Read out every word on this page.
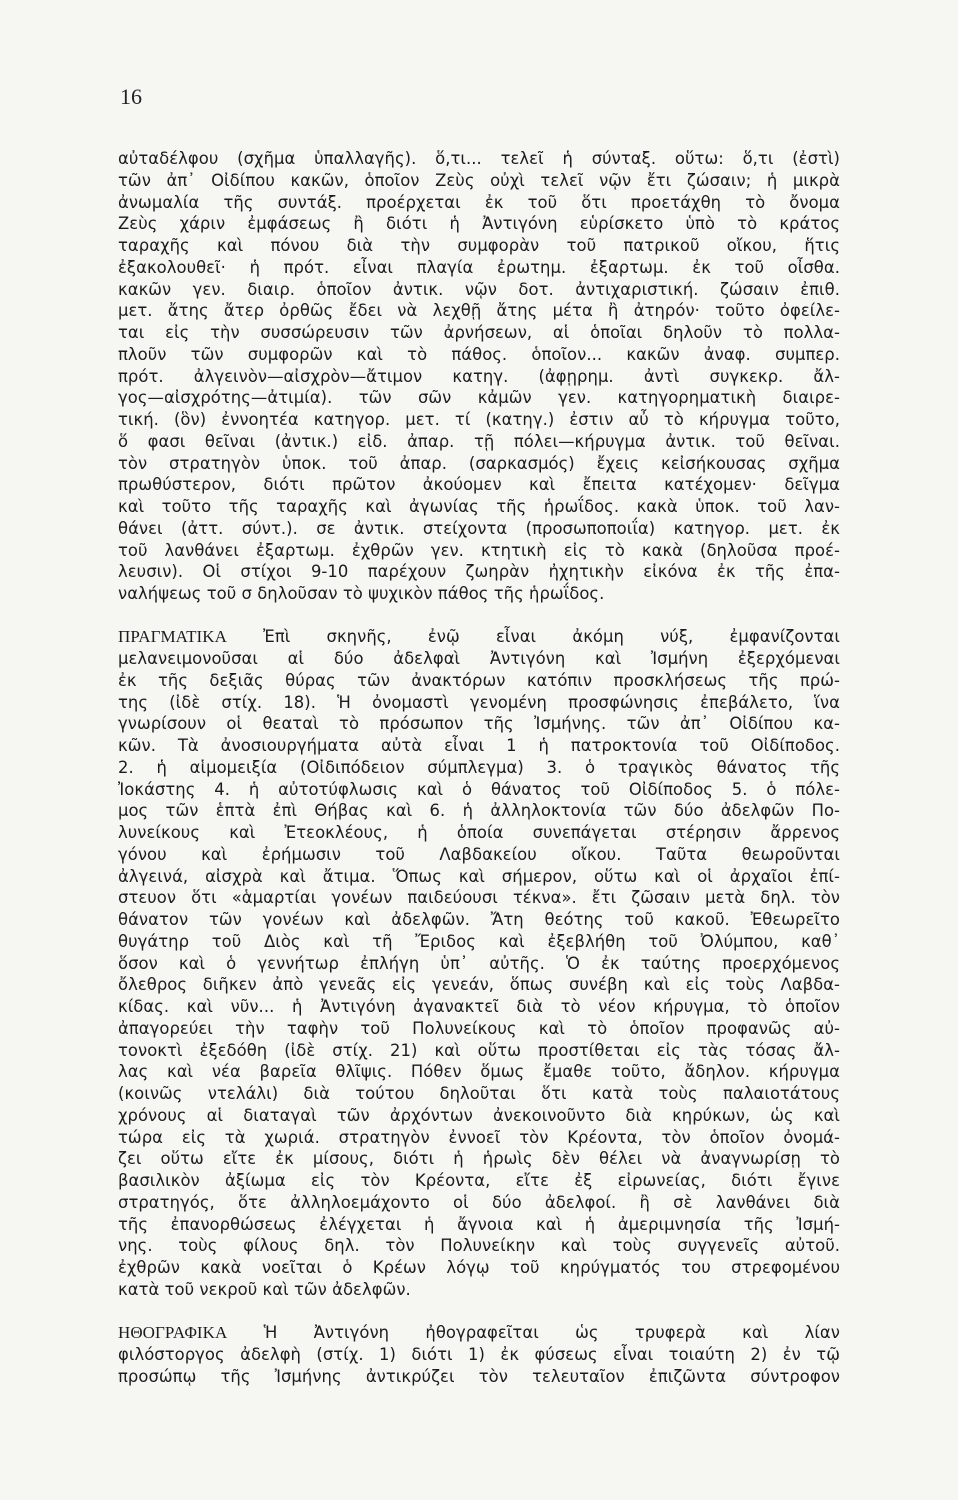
16
αὐταδέλφου (σχῆμα ὑπαλλαγῆς). ὅ,τι... τελεῖ ἡ σύνταξ. οὕτω: ὅ,τι (ἐστὶ)
τῶν ἀπ᾽ Οἰδίπου κακῶν, ὁποῖον Ζεὺς οὐχὶ τελεῖ νῷν ἔτι ζώσαιν; ἡ μικρὰ
ἀνωμαλία τῆς συντάξ. προέρχεται ἐκ τοῦ ὅτι προετάχθη τὸ ὄνομα
Ζεὺς χάριν ἐμφάσεως ἢ διότι ἡ Ἀντιγόνη εὑρίσκετο ὑπὸ τὸ κράτος
ταραχῆς καὶ πόνου διὰ τὴν συμφορὰν τοῦ πατρικοῦ οἴκου, ἥτις
ἐξακολουθεῖ· ἡ πρότ. εἶναι πλαγία ἐρωτημ. ἐξαρτωμ. ἐκ τοῦ οἶσθα.
κακῶν γεν. διαιρ. ὁποῖον ἀντικ. νῷν δοτ. ἀντιχαριστική. ζώσαιν ἐπιθ.
μετ. ἄτης ἄτερ ὀρθῶς ἔδει νὰ λεχθῇ ἄτης μέτα ἢ ἀτηρόν· τοῦτο ὀφείλε-
ται εἰς τὴν συσσώρευσιν τῶν ἀρνήσεων, αἱ ὁποῖαι δηλοῦν τὸ πολλα-
πλοῦν τῶν συμφορῶν καὶ τὸ πάθος. ὁποῖον... κακῶν ἀναφ. συμπερ.
πρότ. ἀλγεινὸν—αἰσχρὸν—ἄτιμον κατηγ. (ἀφῃρημ. ἀντὶ συγκεκρ. ἄλ-
γος—αἰσχρότης—ἀτιμία). τῶν σῶν κἀμῶν γεν. κατηγορηματικὴ διαιρε-
τική. (ὃν) ἐννοητέα κατηγορ. μετ. τί (κατηγ.) ἐστιν αὖ τὸ κήρυγμα τοῦτο,
ὅ φασι θεῖναι (ἀντικ.) εἰδ. ἀπαρ. τῇ πόλει—κήρυγμα ἀντικ. τοῦ θεῖναι.
τὸν στρατηγὸν ὑποκ. τοῦ ἀπαρ. (σαρκασμός) ἔχεις κεἰσήκουσας σχῆμα
πρωθύστερον, διότι πρῶτον ἀκούομεν καὶ ἔπειτα κατέχομεν· δεῖγμα
καὶ τοῦτο τῆς ταραχῆς καὶ ἀγωνίας τῆς ἡρωΐδος. κακὰ ὑποκ. τοῦ λαν-
θάνει (ἀττ. σύντ.). σε ἀντικ. στείχοντα (προσωποποιΐα) κατηγορ. μετ. ἐκ
τοῦ λανθάνει ἐξαρτωμ. ἐχθρῶν γεν. κτητικὴ εἰς τὸ κακὰ (δηλοῦσα προέ-
λευσιν). Οἱ στίχοι 9-10 παρέχουν ζωηρὰν ἠχητικὴν εἰκόνα ἐκ τῆς ἐπα-
ναλήψεως τοῦ σ δηλοῦσαν τὸ ψυχικὸν πάθος τῆς ἡρωΐδος.
ΠΡΑΓΜΑΤΙΚΑ Ἐπὶ σκηνῆς, ἐνῷ εἶναι ἀκόμη νύξ, ἐμφανίζονται
μελανειμονοῦσαι αἱ δύο ἀδελφαὶ Ἀντιγόνη καὶ Ἰσμήνη ἐξερχόμεναι
ἐκ τῆς δεξιᾶς θύρας τῶν ἀνακτόρων κατόπιν προσκλήσεως τῆς πρώ-
της (ἰδὲ στίχ. 18). Ἡ ὀνομαστὶ γενομένη προσφώνησις ἐπεβάλετο, ἵνα
γνωρίσουν οἱ θεαταὶ τὸ πρόσωπον τῆς Ἰσμήνης. τῶν ἀπ᾽ Οἰδίπου κα-
κῶν. Τὰ ἀνοσιουργήματα αὐτὰ εἶναι 1 ἡ πατροκτονία τοῦ Οἰδίποδος.
2. ἡ αἱμομειξία (Οἰδιπόδειον σύμπλεγμα) 3. ὁ τραγικὸς θάνατος τῆς
Ἰοκάστης 4. ἡ αὐτοτύφλωσις καὶ ὁ θάνατος τοῦ Οἰδίποδος 5. ὁ πόλε-
μος τῶν ἑπτὰ ἐπὶ Θήβας καὶ 6. ἡ ἀλληλοκτονία τῶν δύο ἀδελφῶν Πο-
λυνείκους καὶ Ἐτεοκλέους, ἡ ὁποία συνεπάγεται στέρησιν ἄρρενος
γόνου καὶ ἐρήμωσιν τοῦ Λαβδακείου οἴκου. Ταῦτα θεωροῦνται
ἀλγεινά, αἰσχρὰ καὶ ἄτιμα. Ὅπως καὶ σήμερον, οὕτω καὶ οἱ ἀρχαῖοι ἐπί-
στευον ὅτι «ἁμαρτίαι γονέων παιδεύουσι τέκνα». ἔτι ζῶσαιν μετὰ δηλ. τὸν
θάνατον τῶν γονέων καὶ ἀδελφῶν. Ἄτη θεότης τοῦ κακοῦ. Ἐθεωρεῖτο
θυγάτηρ τοῦ Διὸς καὶ τῆ Ἔριδος καὶ ἐξεβλήθη τοῦ Ὀλύμπου, καθ᾽
ὅσον καὶ ὁ γεννήτωρ ἐπλήγη ὑπ᾽ αὐτῆς. Ὁ ἐκ ταύτης προερχόμενος
ὄλεθρος διῆκεν ἀπὸ γενεᾶς εἰς γενεάν, ὅπως συνέβη καὶ εἰς τοὺς Λαβδα-
κίδας. καὶ νῦν... ἡ Ἀντιγόνη ἀγανακτεῖ διὰ τὸ νέον κήρυγμα, τὸ ὁποῖον
ἀπαγορεύει τὴν ταφὴν τοῦ Πολυνείκους καὶ τὸ ὁποῖον προφανῶς αὐ-
τονοκτὶ ἐξεδόθη (ἰδὲ στίχ. 21) καὶ οὕτω προστίθεται εἰς τὰς τόσας ἄλ-
λας καὶ νέα βαρεῖα θλῖψις. Πόθεν ὅμως ἔμαθε τοῦτο, ἄδηλον. κήρυγμα
(κοινῶς ντελάλι) διὰ τούτου δηλοῦται ὅτι κατὰ τοὺς παλαιοτάτους
χρόνους αἱ διαταγαὶ τῶν ἀρχόντων ἀνεκοινοῦντο διὰ κηρύκων, ὡς καὶ
τώρα εἰς τὰ χωριά. στρατηγὸν ἐννοεῖ τὸν Κρέοντα, τὸν ὁποῖον ὀνομά-
ζει οὕτω εἴτε ἐκ μίσους, διότι ἡ ἡρωὶς δὲν θέλει νὰ ἀναγνωρίσῃ τὸ
βασιλικὸν ἀξίωμα εἰς τὸν Κρέοντα, εἴτε ἐξ εἰρωνείας, διότι ἔγινε
στρατηγός, ὅτε ἀλληλοεμάχοντο οἱ δύο ἀδελφοί. ἢ σὲ λανθάνει διὰ
τῆς ἐπανορθώσεως ἐλέγχεται ἡ ἄγνοια καὶ ἡ ἀμεριμνησία τῆς Ἰσμή-
νης. τοὺς φίλους δηλ. τὸν Πολυνείκην καὶ τοὺς συγγενεῖς αὐτοῦ.
ἐχθρῶν κακὰ νοεῖται ὁ Κρέων λόγῳ τοῦ κηρύγματός του στρεφομένου
κατὰ τοῦ νεκροῦ καὶ τῶν ἀδελφῶν.
ΗΘΟΓΡΑΦΙΚΑ Ἡ Ἀντιγόνη ἠθογραφεῖται ὡς τρυφερὰ καὶ λίαν
φιλόστοργος ἀδελφὴ (στίχ. 1) διότι 1) ἐκ φύσεως εἶναι τοιαύτη 2) ἐν τῷ
προσώπῳ τῆς Ἰσμήνης ἀντικρύζει τὸν τελευταῖον ἐπιζῶντα σύντροφον
